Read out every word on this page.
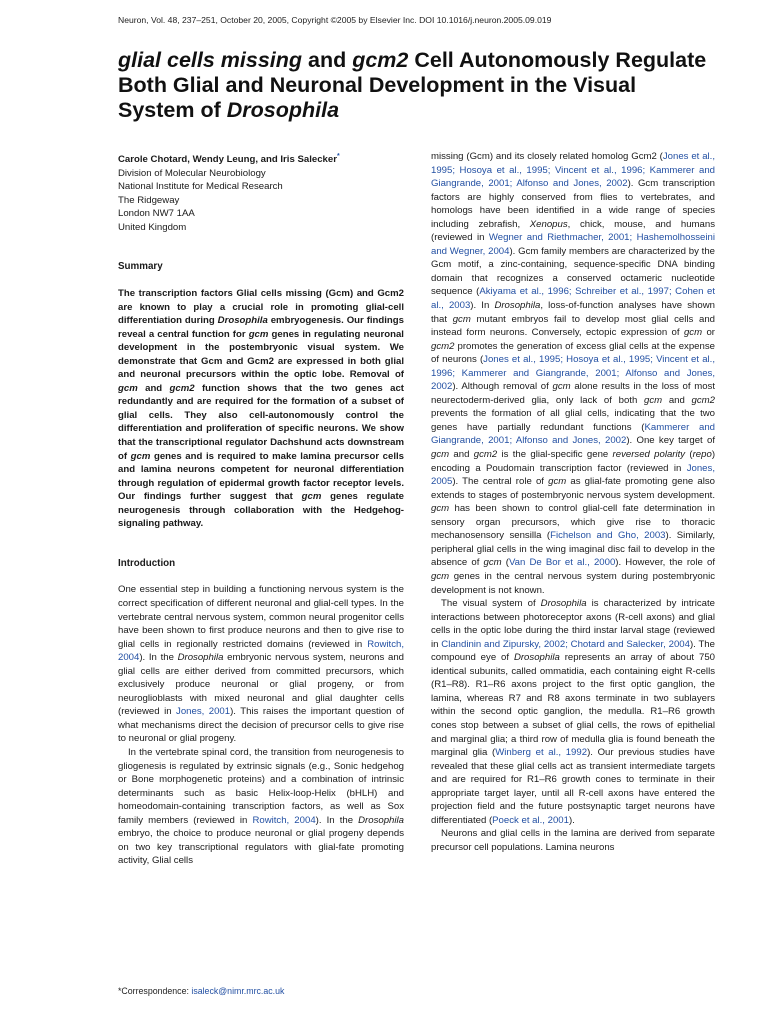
Neuron, Vol. 48, 237–251, October 20, 2005, Copyright ©2005 by Elsevier Inc. DOI 10.1016/j.neuron.2005.09.019
glial cells missing and gcm2 Cell Autonomously Regulate Both Glial and Neuronal Development in the Visual System of Drosophila

Carole Chotard, Wendy Leung, and Iris Salecker*

Division of Molecular Neurobiology

National Institute for Medical Research

The Ridgeway

London NW7 1AA

United Kingdom

Summary

The transcription factors Glial cells missing (Gcm) and Gcm2 are known to play a crucial role in promoting glial-cell differentiation during Drosophila embryogenesis. Our findings reveal a central function for gcm genes in regulating neuronal development in the postembryonic visual system. We demonstrate that Gcm and Gcm2 are expressed in both glial and neuronal precursors within the optic lobe. Removal of gcm and gcm2 function shows that the two genes act redundantly and are required for the formation of a subset of glial cells. They also cell-autonomously control the differentiation and proliferation of specific neurons. We show that the transcriptional regulator Dachshund acts downstream of gcm genes and is required to make lamina precursor cells and lamina neurons competent for neuronal differentiation through regulation of epidermal growth factor receptor levels. Our findings further suggest that gcm genes regulate neurogenesis through collaboration with the Hedgehog-signaling pathway.

Introduction

One essential step in building a functioning nervous system is the correct specification of different neuronal and glial-cell types. In the vertebrate central nervous system, common neural progenitor cells have been shown to first produce neurons and then to give rise to glial cells in regionally restricted domains (reviewed in Rowitch, 2004). In the Drosophila embryonic nervous system, neurons and glial cells are either derived from committed precursors, which exclusively produce neuronal or glial progeny, or from neuroglioblasts with mixed neuronal and glial daughter cells (reviewed in Jones, 2001). This raises the important question of what mechanisms direct the decision of precursor cells to give rise to neuronal or glial progeny.

In the vertebrate spinal cord, the transition from neurogenesis to gliogenesis is regulated by extrinsic signals (e.g., Sonic hedgehog or Bone morphogenetic proteins) and a combination of intrinsic determinants such as basic Helix-loop-Helix (bHLH) and homeodomain-containing transcription factors, as well as Sox family members (reviewed in Rowitch, 2004). In the Drosophila embryo, the choice to produce neuronal or glial progeny depends on two key transcriptional regulators with glial-fate promoting activity, Glial cells

missing (Gcm) and its closely related homolog Gcm2 (Jones et al., 1995; Hosoya et al., 1995; Vincent et al., 1996; Kammerer and Giangrande, 2001; Alfonso and Jones, 2002). Gcm transcription factors are highly conserved from flies to vertebrates, and homologs have been identified in a wide range of species including zebrafish, Xenopus, chick, mouse, and humans (reviewed in Wegner and Riethmacher, 2001; Hashemolhosseini and Wegner, 2004). Gcm family members are characterized by the Gcm motif, a zinc-containing, sequence-specific DNA binding domain that recognizes a conserved octameric nucleotide sequence (Akiyama et al., 1996; Schreiber et al., 1997; Cohen et al., 2003). In Drosophila, loss-of-function analyses have shown that gcm mutant embryos fail to develop most glial cells and instead form neurons. Conversely, ectopic expression of gcm or gcm2 promotes the generation of excess glial cells at the expense of neurons (Jones et al., 1995; Hosoya et al., 1995; Vincent et al., 1996; Kammerer and Giangrande, 2001; Alfonso and Jones, 2002). Although removal of gcm alone results in the loss of most neurectoderm-derived glia, only lack of both gcm and gcm2 prevents the formation of all glial cells, indicating that the two genes have partially redundant functions (Kammerer and Giangrande, 2001; Alfonso and Jones, 2002). One key target of gcm and gcm2 is the glial-specific gene reversed polarity (repo) encoding a Poudomain transcription factor (reviewed in Jones, 2005). The central role of gcm as glial-fate promoting gene also extends to stages of postembryonic nervous system development. gcm has been shown to control glial-cell fate determination in sensory organ precursors, which give rise to thoracic mechanosensory sensilla (Fichelson and Gho, 2003). Similarly, peripheral glial cells in the wing imaginal disc fail to develop in the absence of gcm (Van De Bor et al., 2000). However, the role of gcm genes in the central nervous system during postembryonic development is not known.

The visual system of Drosophila is characterized by intricate interactions between photoreceptor axons (R-cell axons) and glial cells in the optic lobe during the third instar larval stage (reviewed in Clandinin and Zipursky, 2002; Chotard and Salecker, 2004). The compound eye of Drosophila represents an array of about 750 identical subunits, called ommatidia, each containing eight R-cells (R1–R8). R1–R6 axons project to the first optic ganglion, the lamina, whereas R7 and R8 axons terminate in two sublayers within the second optic ganglion, the medulla. R1–R6 growth cones stop between a subset of glial cells, the rows of epithelial and marginal glia; a third row of medulla glia is found beneath the marginal glia (Winberg et al., 1992). Our previous studies have revealed that these glial cells act as transient intermediate targets and are required for R1–R6 growth cones to terminate in their appropriate target layer, until all R-cell axons have entered the projection field and the future postsynaptic target neurons have differentiated (Poeck et al., 2001).

Neurons and glial cells in the lamina are derived from separate precursor cell populations. Lamina neurons

*Correspondence: isaleck@nimr.mrc.ac.uk
